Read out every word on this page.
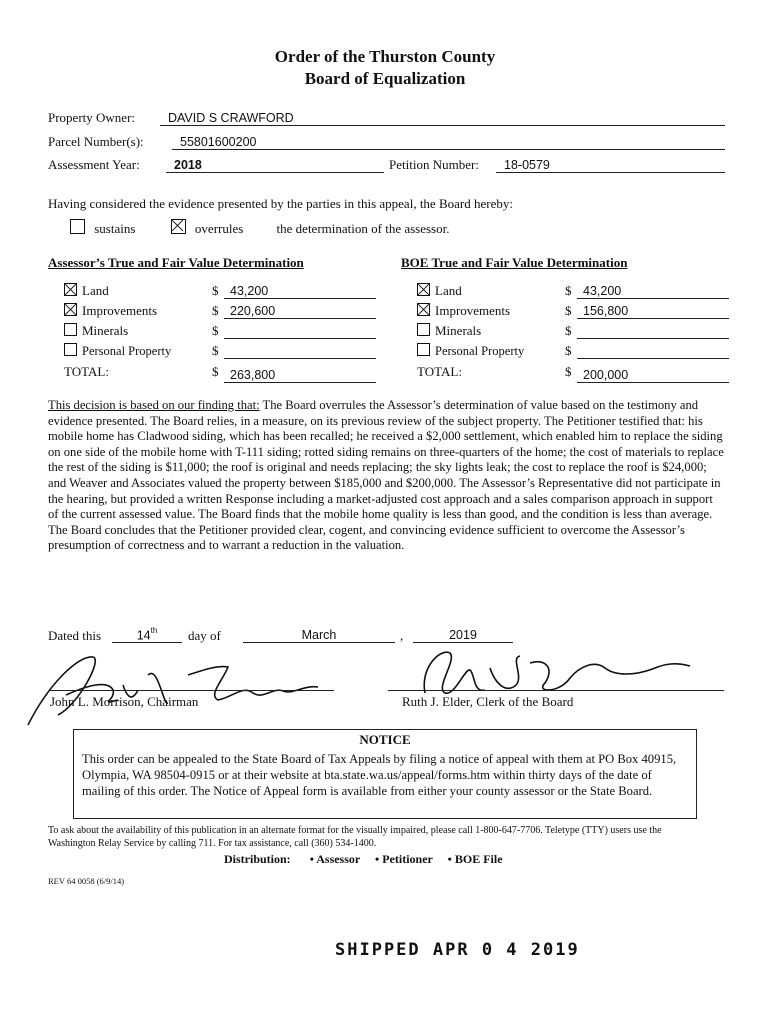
Order of the Thurston County
Board of Equalization
Property Owner:	DAVID S CRAWFORD
Parcel Number(s):	55801600200
Assessment Year:	2018	Petition Number:	18-0579
Having considered the evidence presented by the parties in this appeal, the Board hereby:
sustains	overrules	the determination of the assessor.
Assessor’s True and Fair Value Determination
Land	$ 43,200
Improvements	$ 220,600
Minerals	$
Personal Property	$
TOTAL:	$ 263,800
BOE True and Fair Value Determination
Land	$ 43,200
Improvements	$ 156,800
Minerals	$
Personal Property	$
TOTAL:	$ 200,000
This decision is based on our finding that: The Board overrules the Assessor’s determination of value based on the testimony and evidence presented. The Board relies, in a measure, on its previous review of the subject property. The Petitioner testified that: his mobile home has Cladwood siding, which has been recalled; he received a $2,000 settlement, which enabled him to replace the siding on one side of the mobile home with T-111 siding; rotted siding remains on three-quarters of the home; the cost of materials to replace the rest of the siding is $11,000; the roof is original and needs replacing; the sky lights leak; the cost to replace the roof is $24,000; and Weaver and Associates valued the property between $185,000 and $200,000. The Assessor’s Representative did not participate in the hearing, but provided a written Response including a market-adjusted cost approach and a sales comparison approach in support of the current assessed value. The Board finds that the mobile home quality is less than good, and the condition is less than average. The Board concludes that the Petitioner provided clear, cogent, and convincing evidence sufficient to overcome the Assessor’s presumption of correctness and to warrant a reduction in the valuation.
Dated this	14th	day of	March	,	2019
John L. Morrison, Chairman	Ruth J. Elder, Clerk of the Board
NOTICE
This order can be appealed to the State Board of Tax Appeals by filing a notice of appeal with them at PO Box 40915, Olympia, WA 98504-0915 or at their website at bta.state.wa.us/appeal/forms.htm within thirty days of the date of mailing of this order. The Notice of Appeal form is available from either your county assessor or the State Board.
To ask about the availability of this publication in an alternate format for the visually impaired, please call 1-800-647-7706. Teletype (TTY) users use the Washington Relay Service by calling 711. For tax assistance, call (360) 534-1400.
Distribution: • Assessor • Petitioner • BOE File
REV 64 0058 (6/9/14)
SHIPPED APR 0 4 2019
